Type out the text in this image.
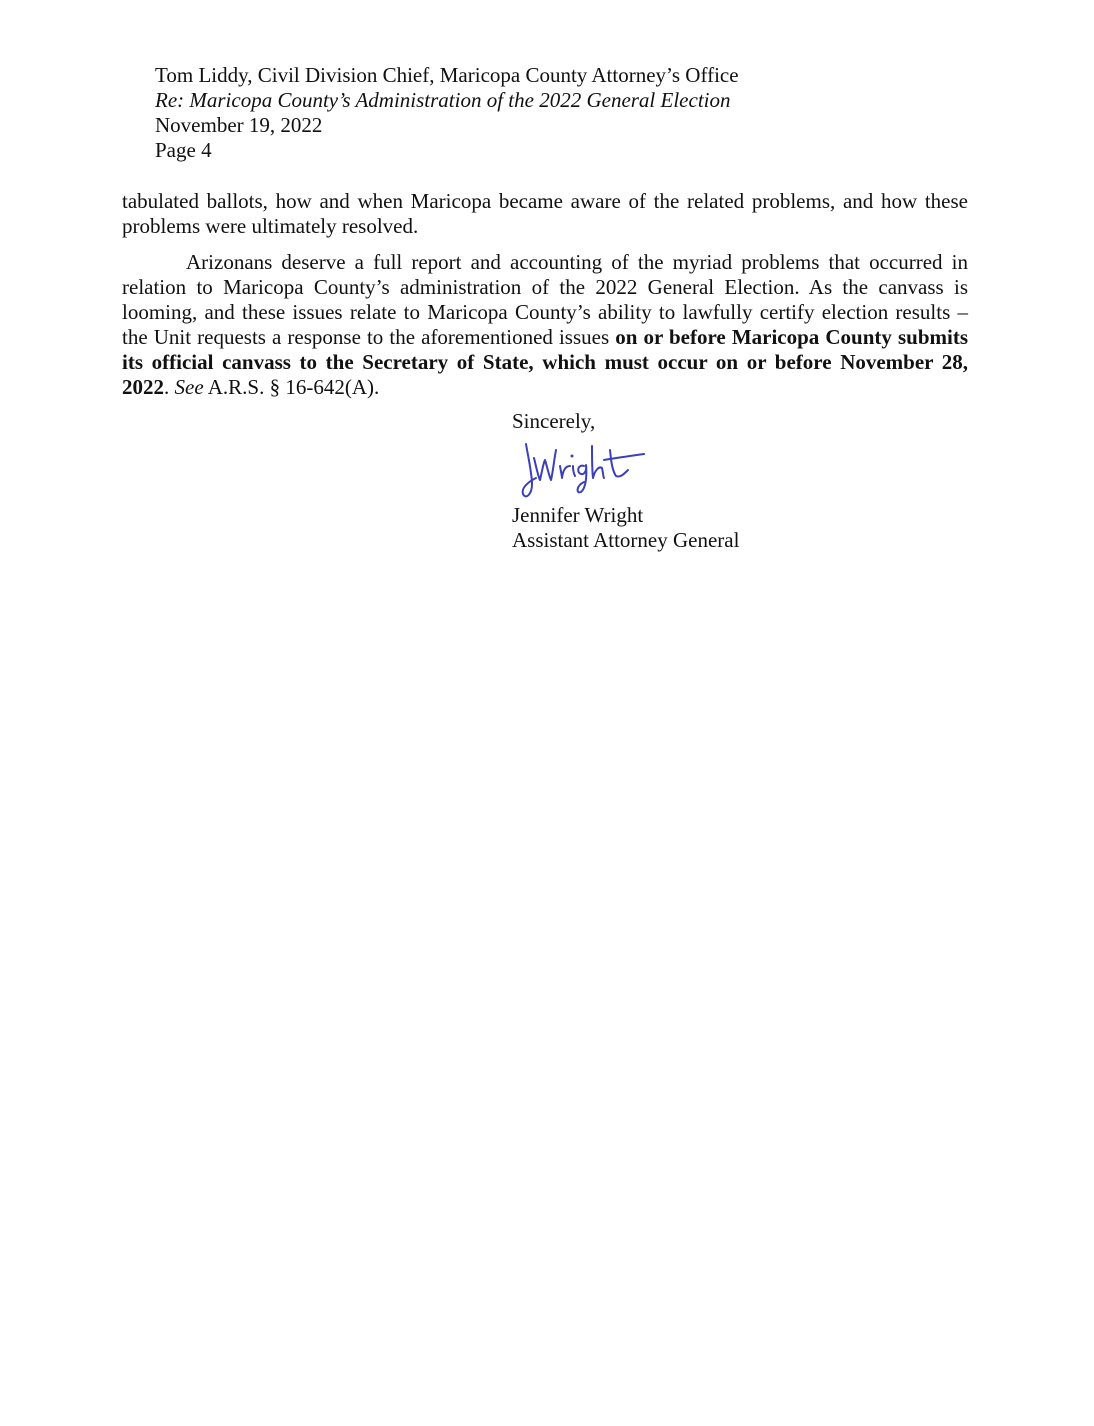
Tom Liddy, Civil Division Chief, Maricopa County Attorney’s Office
Re: Maricopa County’s Administration of the 2022 General Election
November 19, 2022
Page 4
tabulated ballots, how and when Maricopa became aware of the related problems, and how these problems were ultimately resolved.
Arizonans deserve a full report and accounting of the myriad problems that occurred in relation to Maricopa County’s administration of the 2022 General Election. As the canvass is looming, and these issues relate to Maricopa County’s ability to lawfully certify election results – the Unit requests a response to the aforementioned issues on or before Maricopa County submits its official canvass to the Secretary of State, which must occur on or before November 28, 2022. See A.R.S. § 16-642(A).
Sincerely,
Jennifer Wright
Assistant Attorney General
